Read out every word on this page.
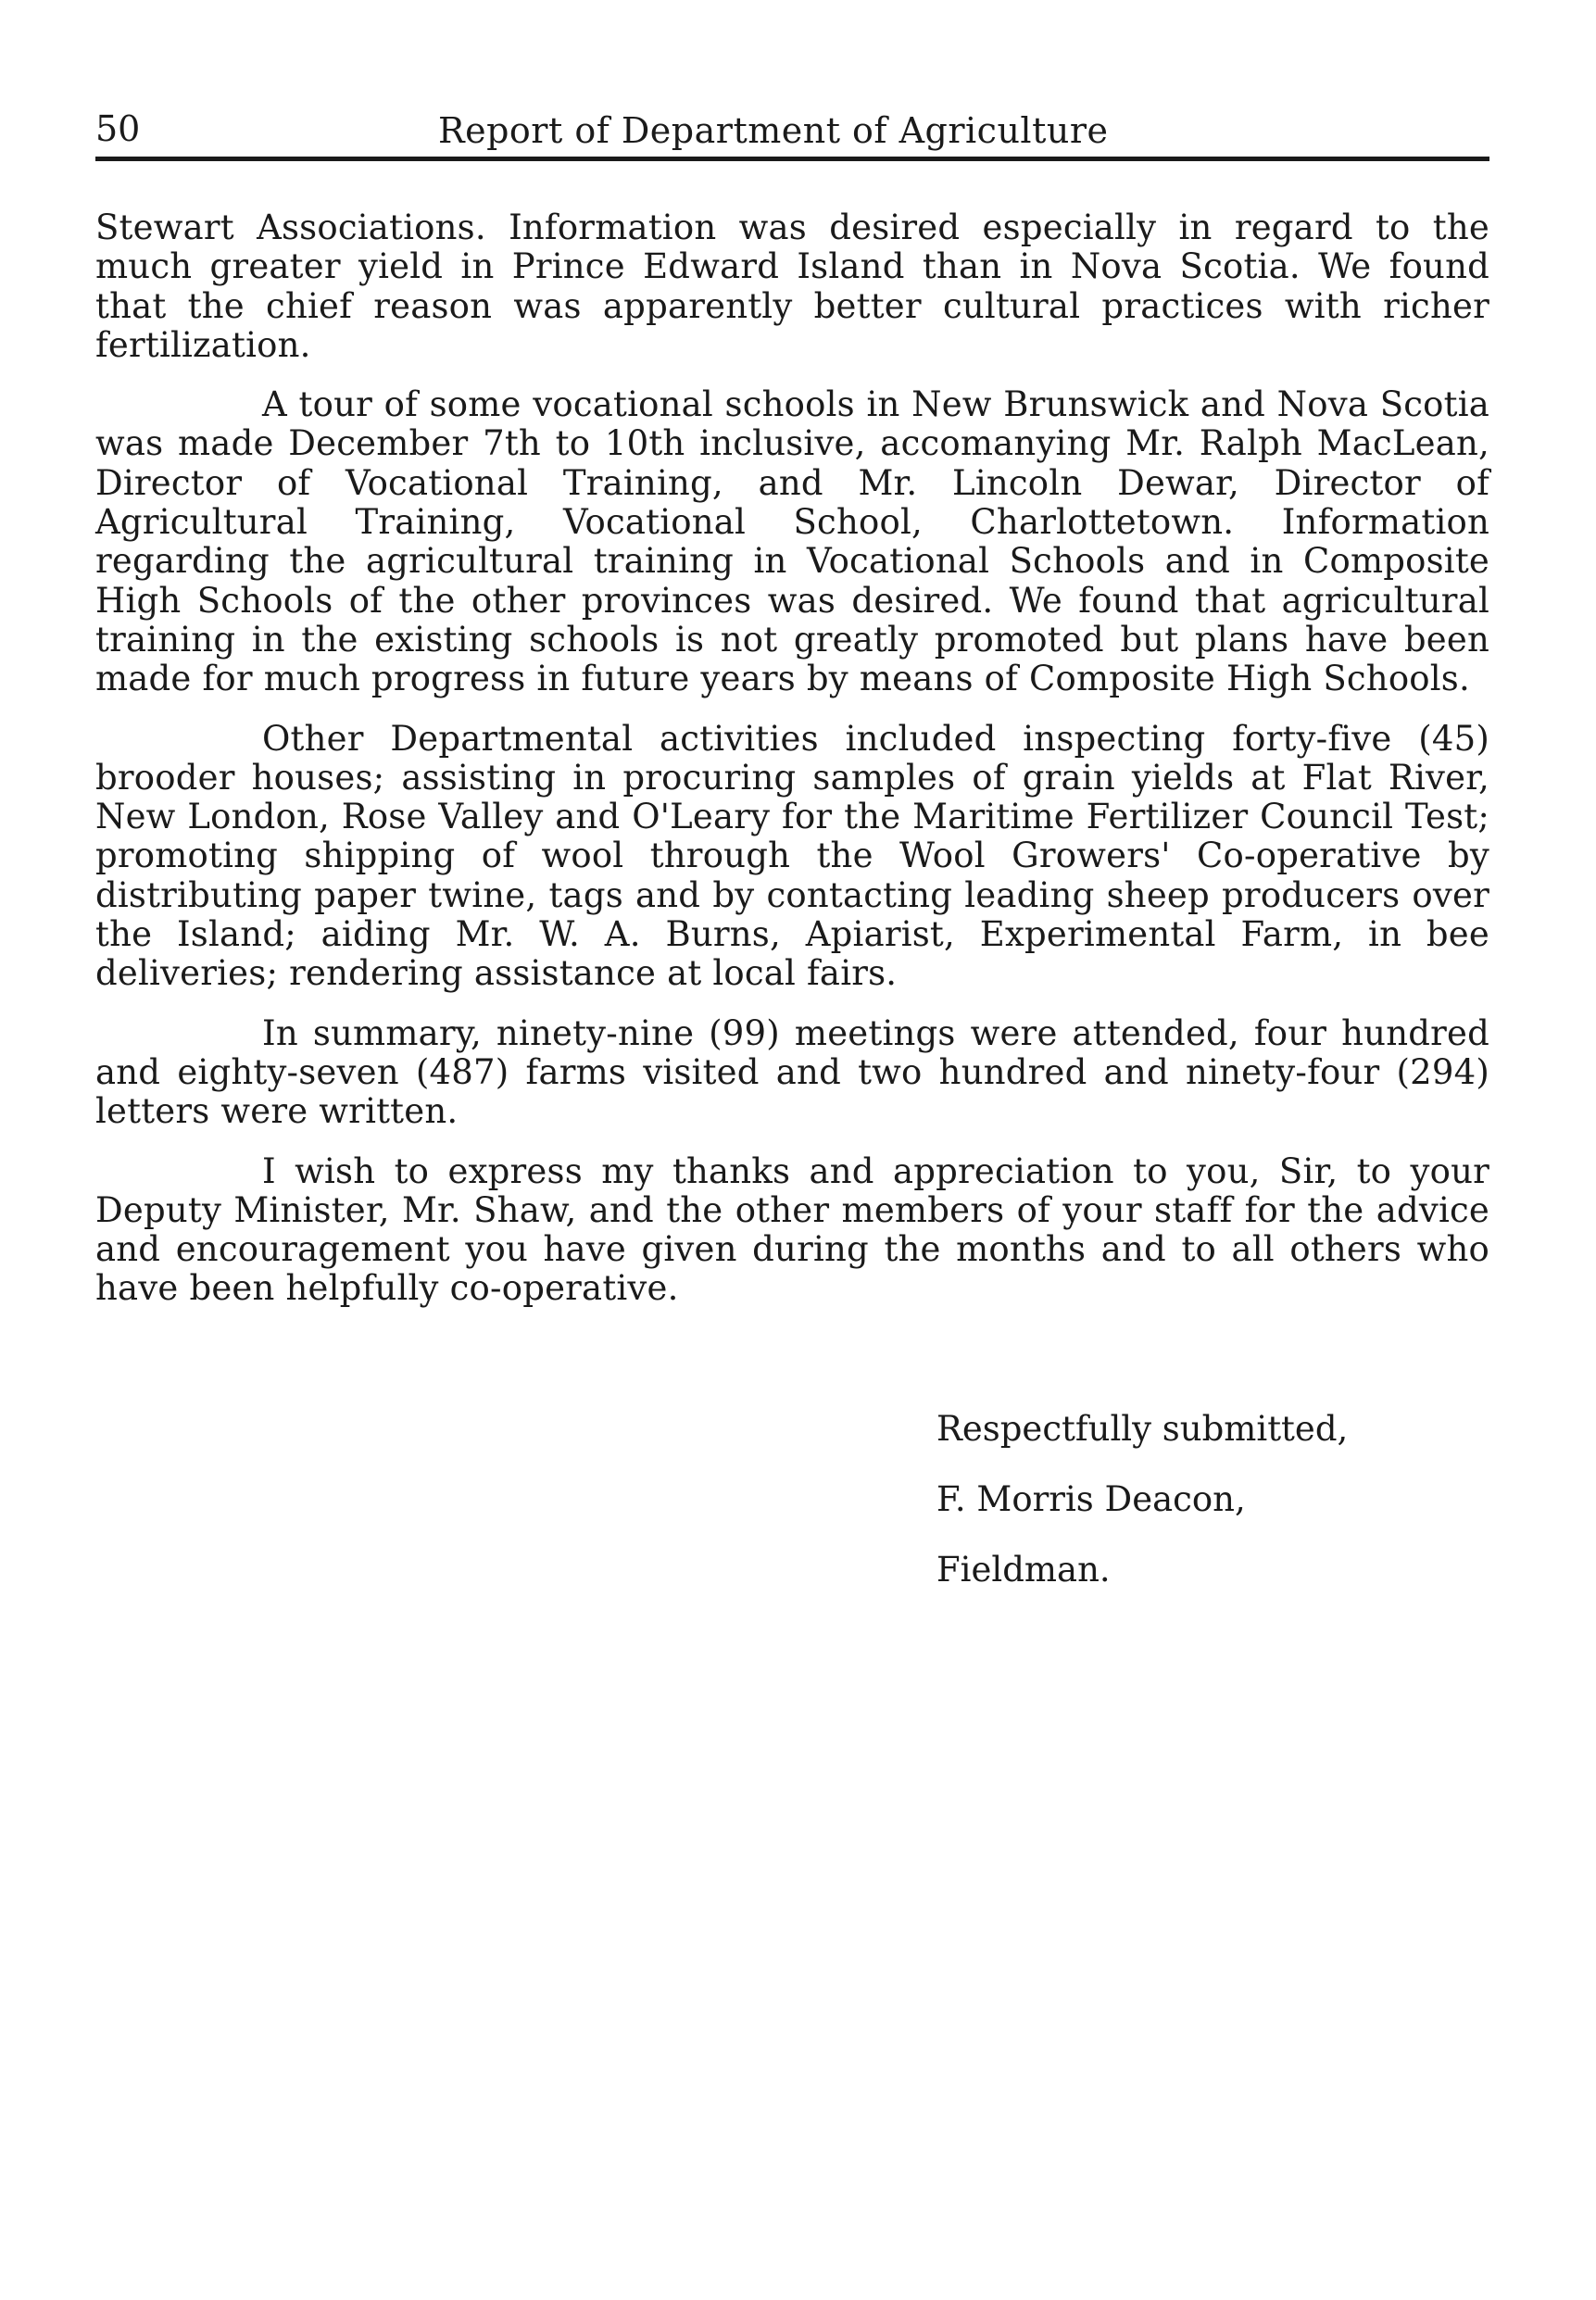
50	Report of Department of Agriculture

Stewart Associations. Information was desired especially in regard to the much greater yield in Prince Edward Island than in Nova Scotia. We found that the chief reason was apparently better cultural practices with richer fertilization.

A tour of some vocational schools in New Brunswick and Nova Scotia was made December 7th to 10th inclusive, accomanying Mr. Ralph MacLean, Director of Vocational Training, and Mr. Lincoln Dewar, Director of Agricultural Training, Vocational School, Charlottetown. Information regarding the agricultural training in Vocational Schools and in Composite High Schools of the other provinces was desired. We found that agricultural training in the existing schools is not greatly promoted but plans have been made for much progress in future years by means of Composite High Schools.

Other Departmental activities included inspecting forty-five (45) brooder houses; assisting in procuring samples of grain yields at Flat River, New London, Rose Valley and O'Leary for the Maritime Fertilizer Council Test; promoting shipping of wool through the Wool Growers' Co-operative by distributing paper twine, tags and by contacting leading sheep producers over the Island; aiding Mr. W. A. Burns, Apiarist, Experimental Farm, in bee deliveries; rendering assistance at local fairs.

In summary, ninety-nine (99) meetings were attended, four hundred and eighty-seven (487) farms visited and two hundred and ninety-four (294) letters were written.

I wish to express my thanks and appreciation to you, Sir, to your Deputy Minister, Mr. Shaw, and the other members of your staff for the advice and encouragement you have given during the months and to all others who have been helpfully co-operative.

Respectfully submitted,
F. Morris Deacon,
Fieldman.
